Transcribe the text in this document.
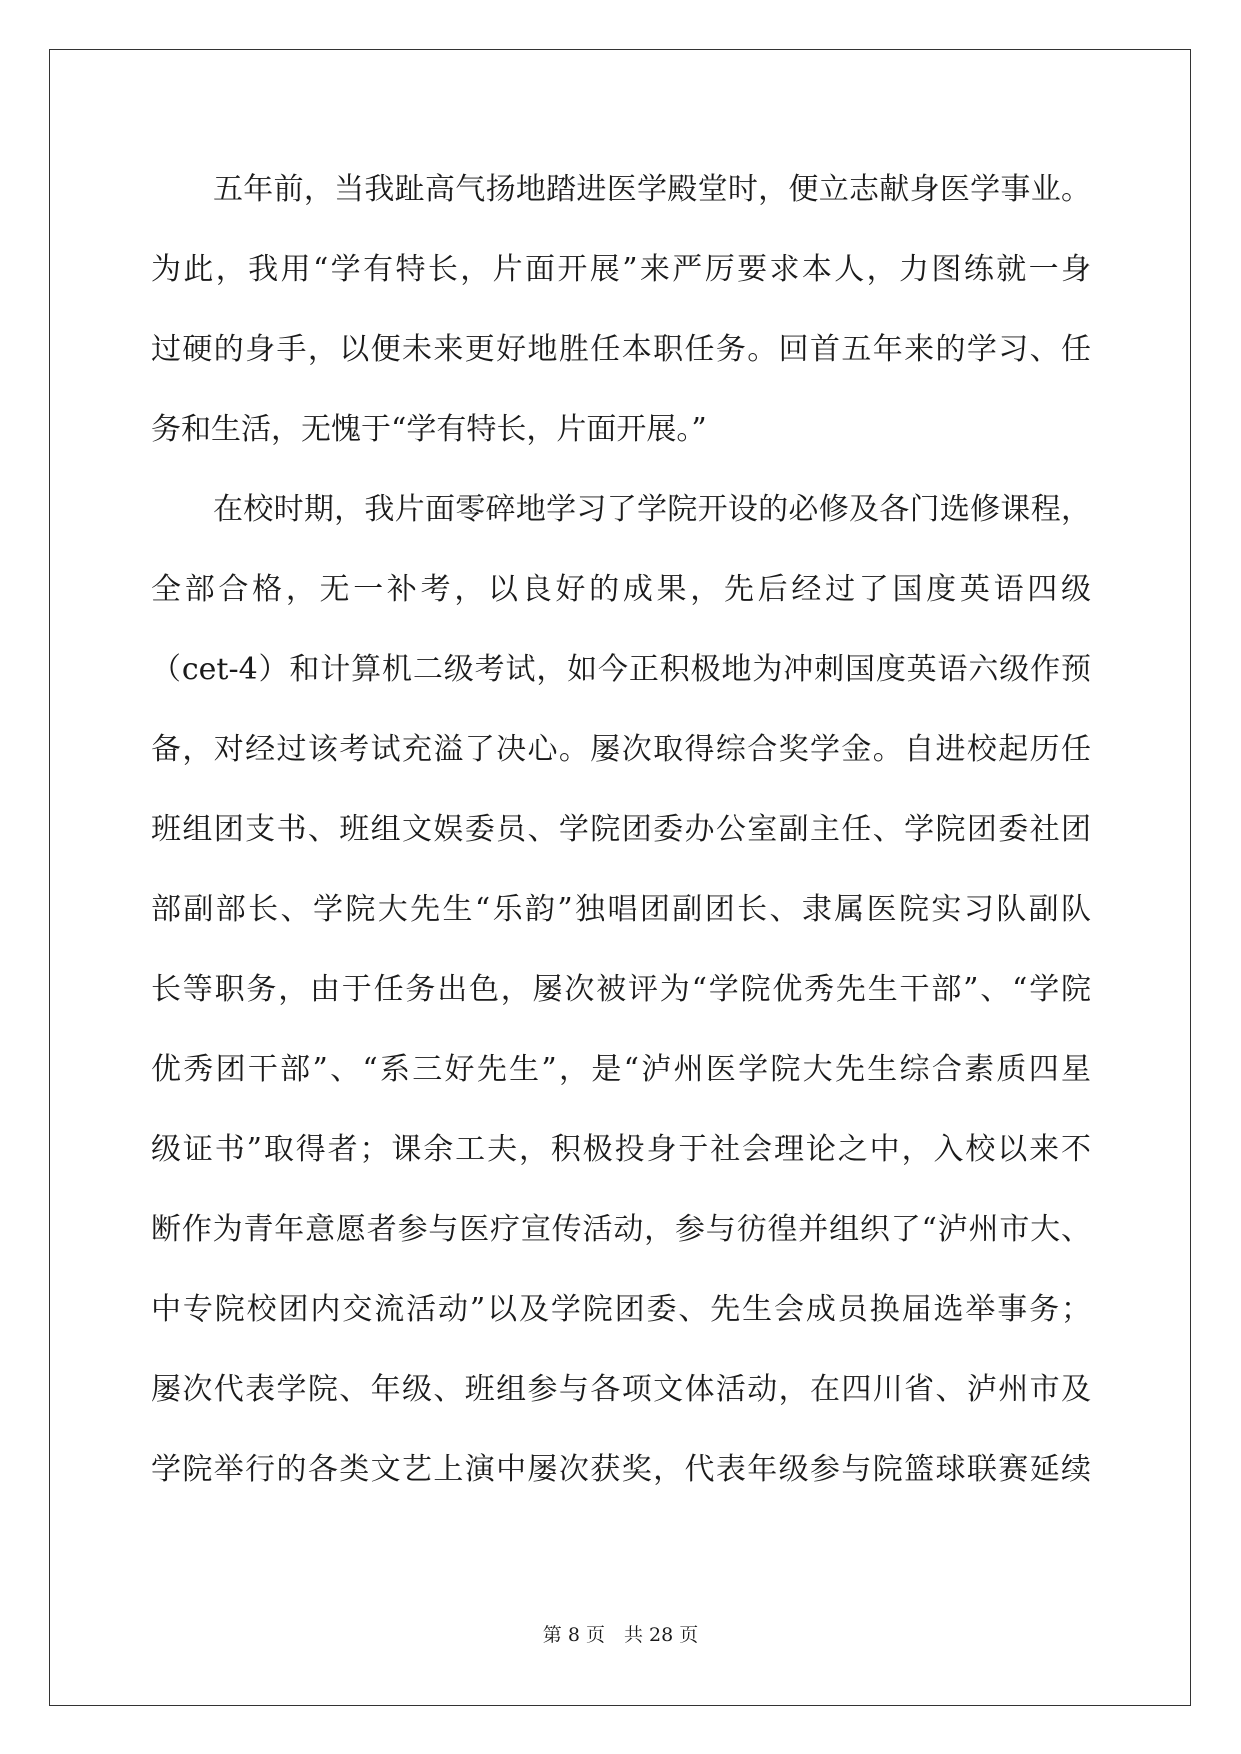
五年前，当我趾高气扬地踏进医学殿堂时，便立志献身医学事业。
为此，我用“学有特长，片面开展”来严厉要求本人，力图练就一身
过硬的身手，以便未来更好地胜任本职任务。回首五年来的学习、任
务和生活，无愧于“学有特长，片面开展。”
在校时期，我片面零碎地学习了学院开设的必修及各门选修课程，
全部合格，无一补考，以良好的成果，先后经过了国度英语四级
（cet-4）和计算机二级考试，如今正积极地为冲刺国度英语六级作预
备，对经过该考试充溢了决心。屡次取得综合奖学金。自进校起历任
班组团支书、班组文娱委员、学院团委办公室副主任、学院团委社团
部副部长、学院大先生“乐韵”独唱团副团长、隶属医院实习队副队
长等职务，由于任务出色，屡次被评为“学院优秀先生干部”、“学院
优秀团干部”、“系三好先生”，是“泸州医学院大先生综合素质四星
级证书”取得者；课余工夫，积极投身于社会理论之中，入校以来不
断作为青年意愿者参与医疗宣传活动，参与彷徨并组织了“泸州市大、
中专院校团内交流活动”以及学院团委、先生会成员换届选举事务；
屡次代表学院、年级、班组参与各项文体活动，在四川省、泸州市及
学院举行的各类文艺上演中屡次获奖，代表年级参与院篮球联赛延续
第 8 页　共 28 页
